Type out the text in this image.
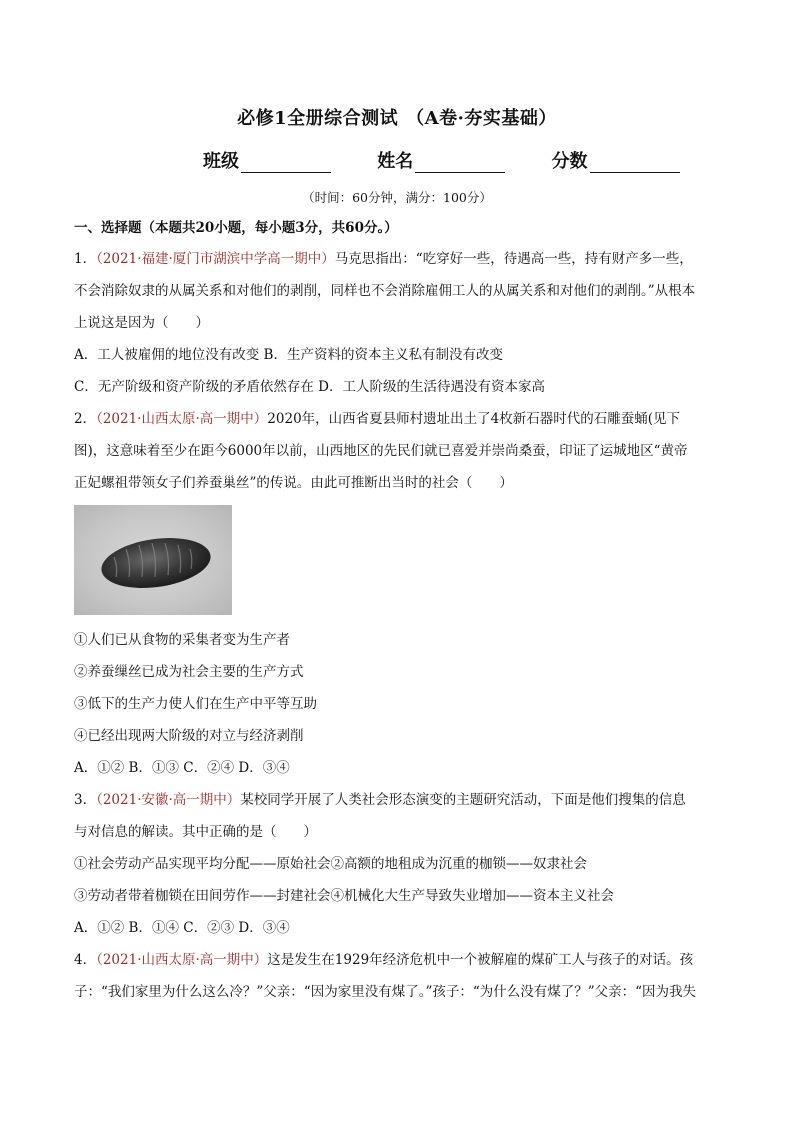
必修1全册综合测试 （A卷·夯实基础）
班级	姓名	分数
（时间：60分钟，满分：100分）
一、选择题（本题共20小题，每小题3分，共60分。）
1．（2021·福建·厦门市湖滨中学高一期中）马克思指出：“吃穿好一些，待遇高一些，持有财产多一些，
不会消除奴隶的从属关系和对他们的剥削，同样也不会消除雇佣工人的从属关系和对他们的剥削。”从根本
上说这是因为（　　）
A．工人被雇佣的地位没有改变 B．生产资料的资本主义私有制没有改变
C．无产阶级和资产阶级的矛盾依然存在 D．工人阶级的生活待遇没有资本家高
2．（2021·山西太原·高一期中）2020年，山西省夏县师村遗址出土了4枚新石器时代的石雕蚕蛹(见下
图)，这意味着至少在距今6000年以前，山西地区的先民们就已喜爱并崇尚桑蚕，印证了运城地区“黄帝
正妃螺祖带领女子们养蚕巢丝”的传说。由此可推断出当时的社会（　　）
①人们已从食物的采集者变为生产者
②养蚕缫丝已成为社会主要的生产方式
③低下的生产力使人们在生产中平等互助
④已经出现两大阶级的对立与经济剥削
A．①② B．①③ C．②④ D．③④
3．（2021·安徽·高一期中）某校同学开展了人类社会形态演变的主题研究活动，下面是他们搜集的信息
与对信息的解读。其中正确的是（　　）
①社会劳动产品实现平均分配——原始社会②高额的地租成为沉重的枷锁——奴隶社会
③劳动者带着枷锁在田间劳作——封建社会④机械化大生产导致失业增加——资本主义社会
A．①② B．①④ C．②③ D．③④
4．（2021·山西太原·高一期中）这是发生在1929年经济危机中一个被解雇的煤矿工人与孩子的对话。孩
子：“我们家里为什么这么冷？”父亲：“因为家里没有煤了。”孩子：“为什么没有煤了？”父亲：“因为我失
